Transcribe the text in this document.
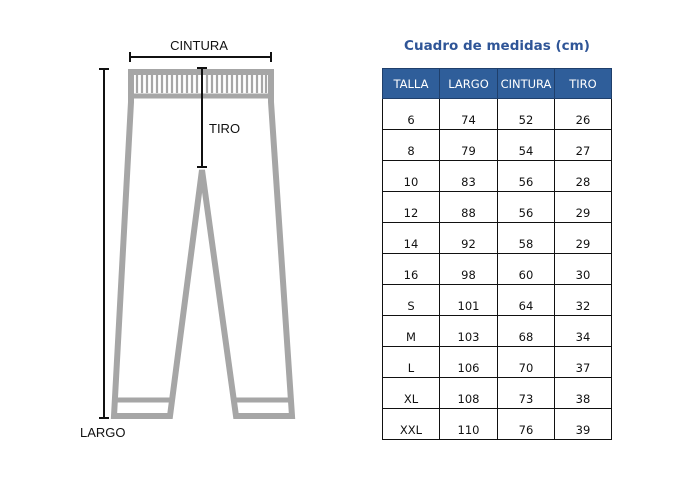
CINTURA
TIRO
LARGO
Cuadro de medidas (cm)
TALLA	LARGO	CINTURA	TIRO
6	74	52	26
8	79	54	27
10	83	56	28
12	88	56	29
14	92	58	29
16	98	60	30
S	101	64	32
M	103	68	34
L	106	70	37
XL	108	73	38
XXL	110	76	39
